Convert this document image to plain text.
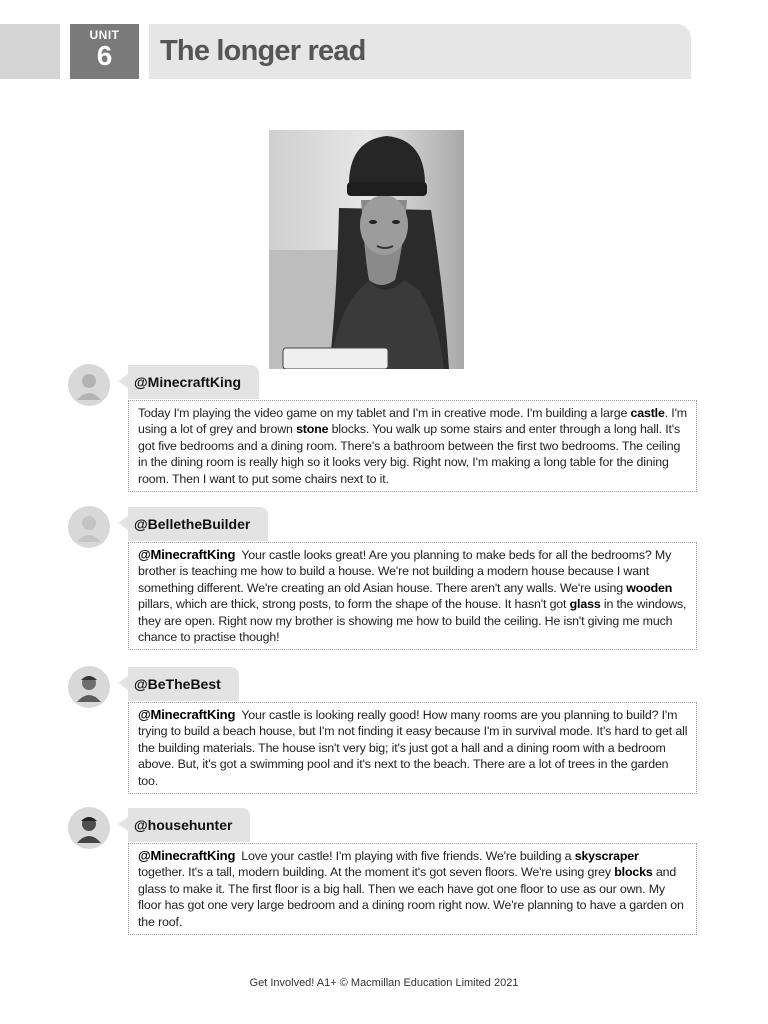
UNIT
6	The longer read
@MinecraftKing
Today I'm playing the video game on my tablet and I'm in creative mode. I'm building a large castle. I'm using a lot of grey and brown stone blocks. You walk up some stairs and enter through a long hall. It's got five bedrooms and a dining room. There's a bathroom between the first two bedrooms. The ceiling in the dining room is really high so it looks very big. Right now, I'm making a long table for the dining room. Then I want to put some chairs next to it.
@BelletheBuilder
@MinecraftKing Your castle looks great! Are you planning to make beds for all the bedrooms? My brother is teaching me how to build a house. We're not building a modern house because I want something different. We're creating an old Asian house. There aren't any walls. We're using wooden pillars, which are thick, strong posts, to form the shape of the house. It hasn't got glass in the windows, they are open. Right now my brother is showing me how to build the ceiling. He isn't giving me much chance to practise though!
@BeTheBest
@MinecraftKing Your castle is looking really good! How many rooms are you planning to build? I'm trying to build a beach house, but I'm not finding it easy because I'm in survival mode. It's hard to get all the building materials. The house isn't very big; it's just got a hall and a dining room with a bedroom above. But, it's got a swimming pool and it's next to the beach. There are a lot of trees in the garden too.
@househunter
@MinecraftKing Love your castle! I'm playing with five friends. We're building a skyscraper together. It's a tall, modern building. At the moment it's got seven floors. We're using grey blocks and glass to make it. The first floor is a big hall. Then we each have got one floor to use as our own. My floor has got one very large bedroom and a dining room right now. We're planning to have a garden on the roof.
Get Involved! A1+ © Macmillan Education Limited 2021
